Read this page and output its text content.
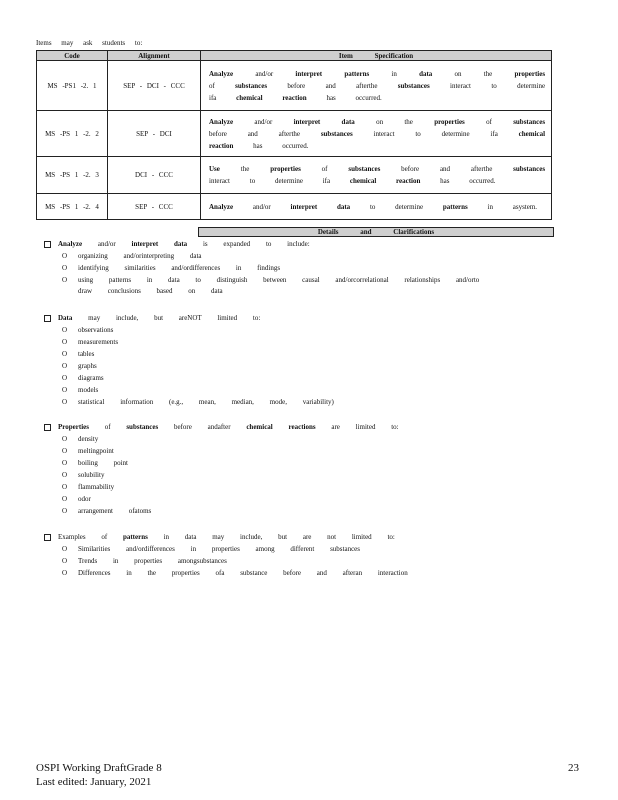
Items may ask students to:
Code	Alignment	Item Specification
MS -PS1 -2. 1	SEP - DCI - CCC	Analyze and/or interpret patterns in data on the properties of substances before and afterthe substances interact to determine ifa chemical reaction has occurred.
MS -PS 1 -2. 2	SEP - DCI	Analyze and/or interpret data on the properties of substances before and afterthe substances interact to determine ifa chemical reaction has occurred.
MS -PS 1 -2. 3	DCI - CCC	Use the properties of substances before and afterthe substances interact to determine ifa chemical reaction has occurred.
MS -PS 1 -2. 4	SEP - CCC	Analyze and/or interpret data to determine patterns in asystem.
Details and Clarifications
Analyze and/or interpret data is expanded to include:
O organizing and/orinterpreting data
O identifying similarities and/ordifferences in findings
O using patterns in data to distinguish between causal and/orcorrelational relationships and/orto
draw conclusions based on data
Data may include, but areNOT limited to:
O observations
O measurements
O tables
O graphs
O diagrams
O models
O statistical information (e.g., mean, median, mode, variability)
Properties of substances before andafter chemical reactions are limited to:
O density
O meltingpoint
O boiling point
O solubility
O flammability
O odor
O arrangement ofatoms
Examples of patterns in data may include, but are not limited to:
O Similarities and/ordifferences in properties among different substances
O Trends in properties amongsubstances
O Differences in the properties ofa substance before and afteran interaction
OSPI Working DraftGrade 8
Last edited: January, 2021
23
